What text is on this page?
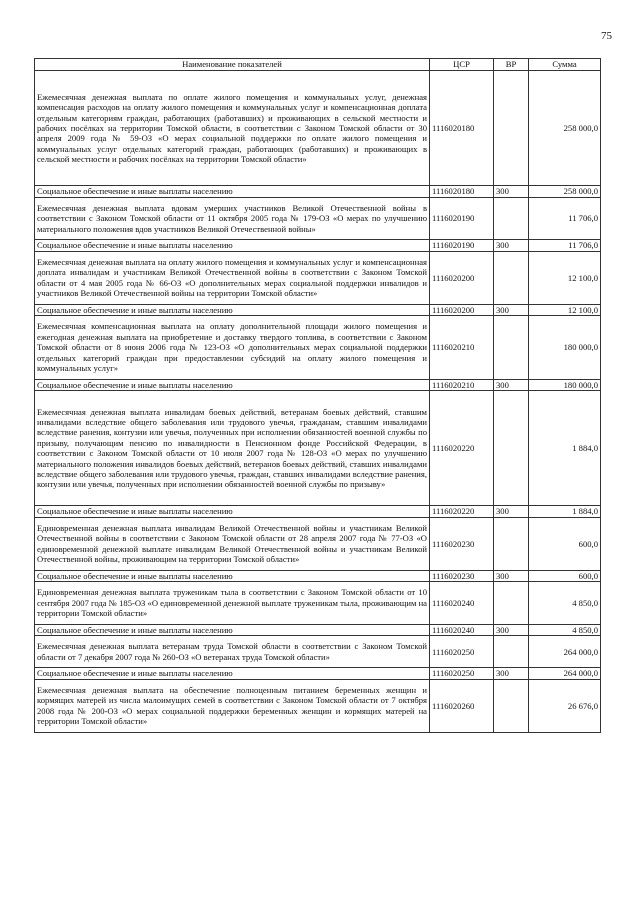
75
Наименование показателей	ЦСР	ВР	Сумма
Ежемесячная денежная выплата по оплате жилого помещения и коммунальных услуг, денежная компенсация расходов на оплату жилого помещения и коммунальных услуг и компенсационная доплата отдельным категориям граждан, работающих (работавших) и проживающих в сельской местности и рабочих посёлках на территории Томской области, в соответствии с Законом Томской области от 30 апреля 2009 года № 59-ОЗ «О мерах социальной поддержки по оплате жилого помещения и коммунальных услуг отдельных категорий граждан, работающих (работавших) и проживающих в сельской местности и рабочих посёлках на территории Томской области»	1116020180		258 000,0
Социальное обеспечение и иные выплаты населению	1116020180	300	258 000,0
Ежемесячная денежная выплата вдовам умерших участников Великой Отечественной войны в соответствии с Законом Томской области от 11 октября 2005 года № 179-ОЗ «О мерах по улучшению материального положения вдов участников Великой Отечественной войны»	1116020190		11 706,0
Социальное обеспечение и иные выплаты населению	1116020190	300	11 706,0
Ежемесячная денежная выплата на оплату жилого помещения и коммунальных услуг и компенсационная доплата инвалидам и участникам Великой Отечественной войны в соответствии с Законом Томской области от 4 мая 2005 года № 66-ОЗ «О дополнительных мерах социальной поддержки инвалидов и участников Великой Отечественной войны на территории Томской области»	1116020200		12 100,0
Социальное обеспечение и иные выплаты населению	1116020200	300	12 100,0
Ежемесячная компенсационная выплата на оплату дополнительной площади жилого помещения и ежегодная денежная выплата на приобретение и доставку твердого топлива, в соответствии с Законом Томской области от 8 июня 2006 года № 123-ОЗ «О дополнительных мерах социальной поддержки отдельных категорий граждан при предоставлении субсидий на оплату жилого помещения и коммунальных услуг»	1116020210		180 000,0
Социальное обеспечение и иные выплаты населению	1116020210	300	180 000,0
Ежемесячная денежная выплата инвалидам боевых действий, ветеранам боевых действий, ставшим инвалидами вследствие общего заболевания или трудового увечья, гражданам, ставшим инвалидами вследствие ранения, контузии или увечья, полученных при исполнении обязанностей военной службы по призыву, получающим пенсию по инвалидности в Пенсионном фонде Российской Федерации, в соответствии с Законом Томской области от 10 июля 2007 года № 128-ОЗ «О мерах по улучшению материального положения инвалидов боевых действий, ветеранов боевых действий, ставших инвалидами вследствие общего заболевания или трудового увечья, граждан, ставших инвалидами вследствие ранения, контузии или увечья, полученных при исполнении обязанностей военной службы по призыву»	1116020220		1 884,0
Социальное обеспечение и иные выплаты населению	1116020220	300	1 884,0
Единовременная денежная выплата инвалидам Великой Отечественной войны и участникам Великой Отечественной войны в соответствии с Законом Томской области от 28 апреля 2007 года № 77-ОЗ «О единовременной денежной выплате инвалидам Великой Отечественной войны и участникам Великой Отечественной войны, проживающим на территории Томской области»	1116020230		600,0
Социальное обеспечение и иные выплаты населению	1116020230	300	600,0
Единовременная денежная выплата труженикам тыла в соответствии с Законом Томской области от 10 сентября 2007 года № 185-ОЗ «О единовременной денежной выплате труженикам тыла, проживающим на территории Томской области»	1116020240		4 850,0
Социальное обеспечение и иные выплаты населению	1116020240	300	4 850,0
Ежемесячная денежная выплата ветеранам труда Томской области в соответствии с Законом Томской области от 7 декабря 2007 года № 260-ОЗ «О ветеранах труда Томской области»	1116020250		264 000,0
Социальное обеспечение и иные выплаты населению	1116020250	300	264 000,0
Ежемесячная денежная выплата на обеспечение полноценным питанием беременных женщин и кормящих матерей из числа малоимущих семей в соответствии с Законом Томской области от 7 октября 2008 года № 200-ОЗ «О мерах социальной поддержки беременных женщин и кормящих матерей на территории Томской области»	1116020260		26 676,0
